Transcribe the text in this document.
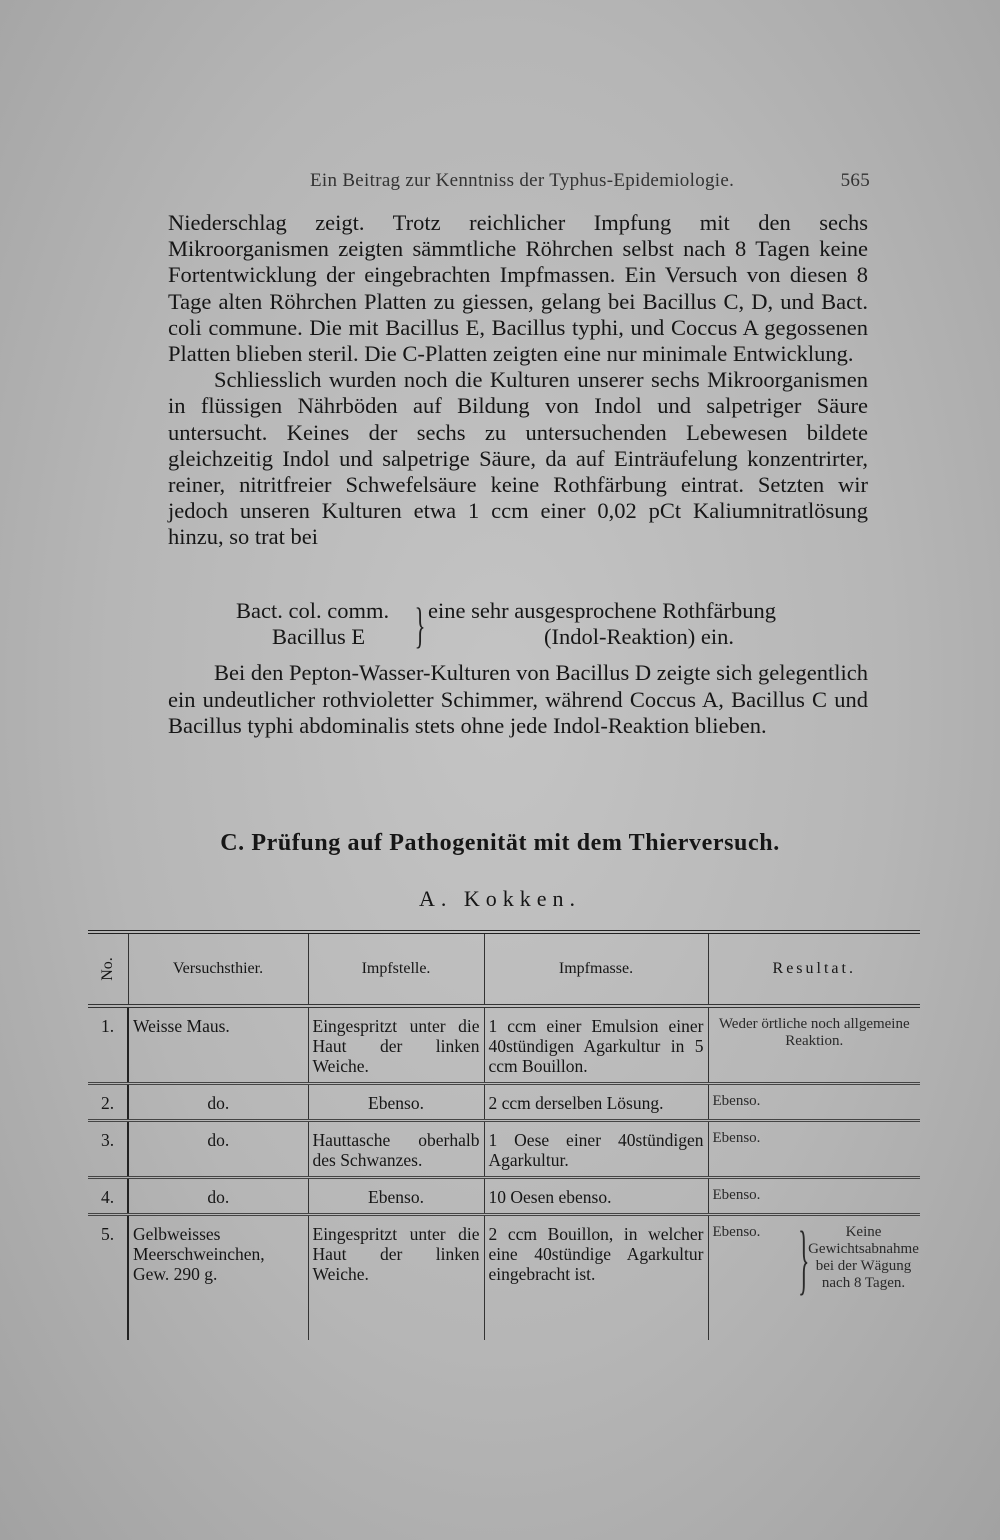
Ein Beitrag zur Kenntniss der Typhus-Epidemiologie.	565

Niederschlag zeigt. Trotz reichlicher Impfung mit den sechs Mikroorganismen zeigten sämmtliche Röhrchen selbst nach 8 Tagen keine Fortentwicklung der eingebrachten Impfmassen. Ein Versuch von diesen 8 Tage alten Röhrchen Platten zu giessen, gelang bei Bacillus C, D, und Bact. coli commune. Die mit Bacillus E, Bacillus typhi, und Coccus A gegossenen Platten blieben steril. Die C-Platten zeigten eine nur minimale Entwicklung.

Schliesslich wurden noch die Kulturen unserer sechs Mikroorganismen in flüssigen Nährböden auf Bildung von Indol und salpetriger Säure untersucht. Keines der sechs zu untersuchenden Lebewesen bildete gleichzeitig Indol und salpetrige Säure, da auf Einträufelung konzentrirter, reiner, nitritfreier Schwefelsäure keine Rothfärbung eintrat. Setzten wir jedoch unseren Kulturen etwa 1 ccm einer 0,02 pCt Kaliumnitratlösung hinzu, so trat bei

Bact. col. comm.
Bacillus E } eine sehr ausgesprochene Rothfärbung
(Indol-Reaktion) ein.

Bei den Pepton-Wasser-Kulturen von Bacillus D zeigte sich gelegentlich ein undeutlicher rothvioletter Schimmer, während Coccus A, Bacillus C und Bacillus typhi abdominalis stets ohne jede Indol-Reaktion blieben.

C. Prüfung auf Pathogenität mit dem Thierversuch.
A. Kokken.
No.	Versuchsthier.	Impfstelle.	Impfmasse.	Resultat.
1.	Weisse Maus.	Eingespritzt unter die Haut der linken Weiche.	1 ccm einer Emulsion einer 40stündigen Agarkultur in 5 ccm Bouillon.	Weder örtliche noch allgemeine Reaktion.
2.	do.	Ebenso.	2 ccm derselben Lösung.	Ebenso.
3.	do.	Hauttasche oberhalb des Schwanzes.	1 Oese einer 40stündigen Agarkultur.	Ebenso.
4.	do.	Ebenso.	10 Oesen ebenso.	Ebenso.
5.	Gelbweisses Meerschweinchen, Gew. 290 g.	Eingespritzt unter die Haut der linken Weiche.	2 ccm Bouillon, in welcher eine 40stündige Agarkultur eingebracht ist.	Ebenso. } Keine Gewichtsabnahme bei der Wägung nach 8 Tagen.
